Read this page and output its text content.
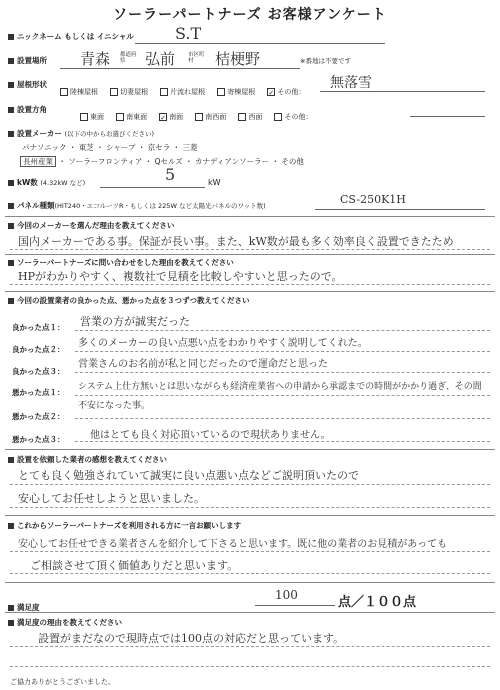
ソーラーパートナーズ お客様アンケート
ニックネーム もしくは イニシャル	S.T
設置場所 青森 都道府県	弘前 市区町村	桔梗野	※番地は不要です
屋根形状
陸棟屋根	切妻屋根	片流れ屋根	寄棟屋根 ✓ その他：
無落雪
設置方角
東面	南東面 ✓ 南面	南西面	西面	その他：
設置メーカー (以下の中からお選びください)
パナソニック ・ 東芝 ・ シャープ ・ 京セラ ・ 三菱
長州産業 ・ ソーラーフロンティア ・ Qセルズ ・ カナディアンソーラー ・ その他
kW数 (4.32kW など)	5	kW
パネル種類(HIT240・エコルーツR・もしくは 225W など太陽光パネルのワット数)	CS-250K1H
今回のメーカーを選んだ理由を教えてください
国内メーカーである事。保証が長い事。また、kW数が最も多く効率良く設置できたため
ソーラーパートナーズに問い合わせをした理由を教えてください
HPがわかりやすく、複数社で見積を比較しやすいと思ったので。
今回の設置業者の良かった点、悪かった点を３つずつ教えてください
良かった点１： 営業の方が誠実だった
良かった点２：
多くのメーカーの良い点悪い点をわかりやすく説明してくれた。
良かった点３：
営業さんのお名前が私と同じだったので運命だと思った
悪かった点１：
システム上仕方無いとは思いながらも経済産業省への申請から承認までの時間がかかり過ぎ、その間不安になった事。
悪かった点２：
悪かった点３：	他はとても良く対応頂いているので現状ありません。
設置を依頼した業者の感想を教えてください
とても良く勉強されていて誠実に良い点悪い点などご説明頂いたので
安心してお任せしようと思いました。
これからソーラーパートナーズを利用される方に一言お願いします
安心してお任せできる業者さんを紹介して下さると思います。既に他の業者のお見積があっても
ご相談させて頂く価値ありだと思います。
満足度
100	点／１００点
満足度の理由を教えてください
設置がまだなので現時点では100点の対応だと思っています。
ご協力ありがとうございました。
